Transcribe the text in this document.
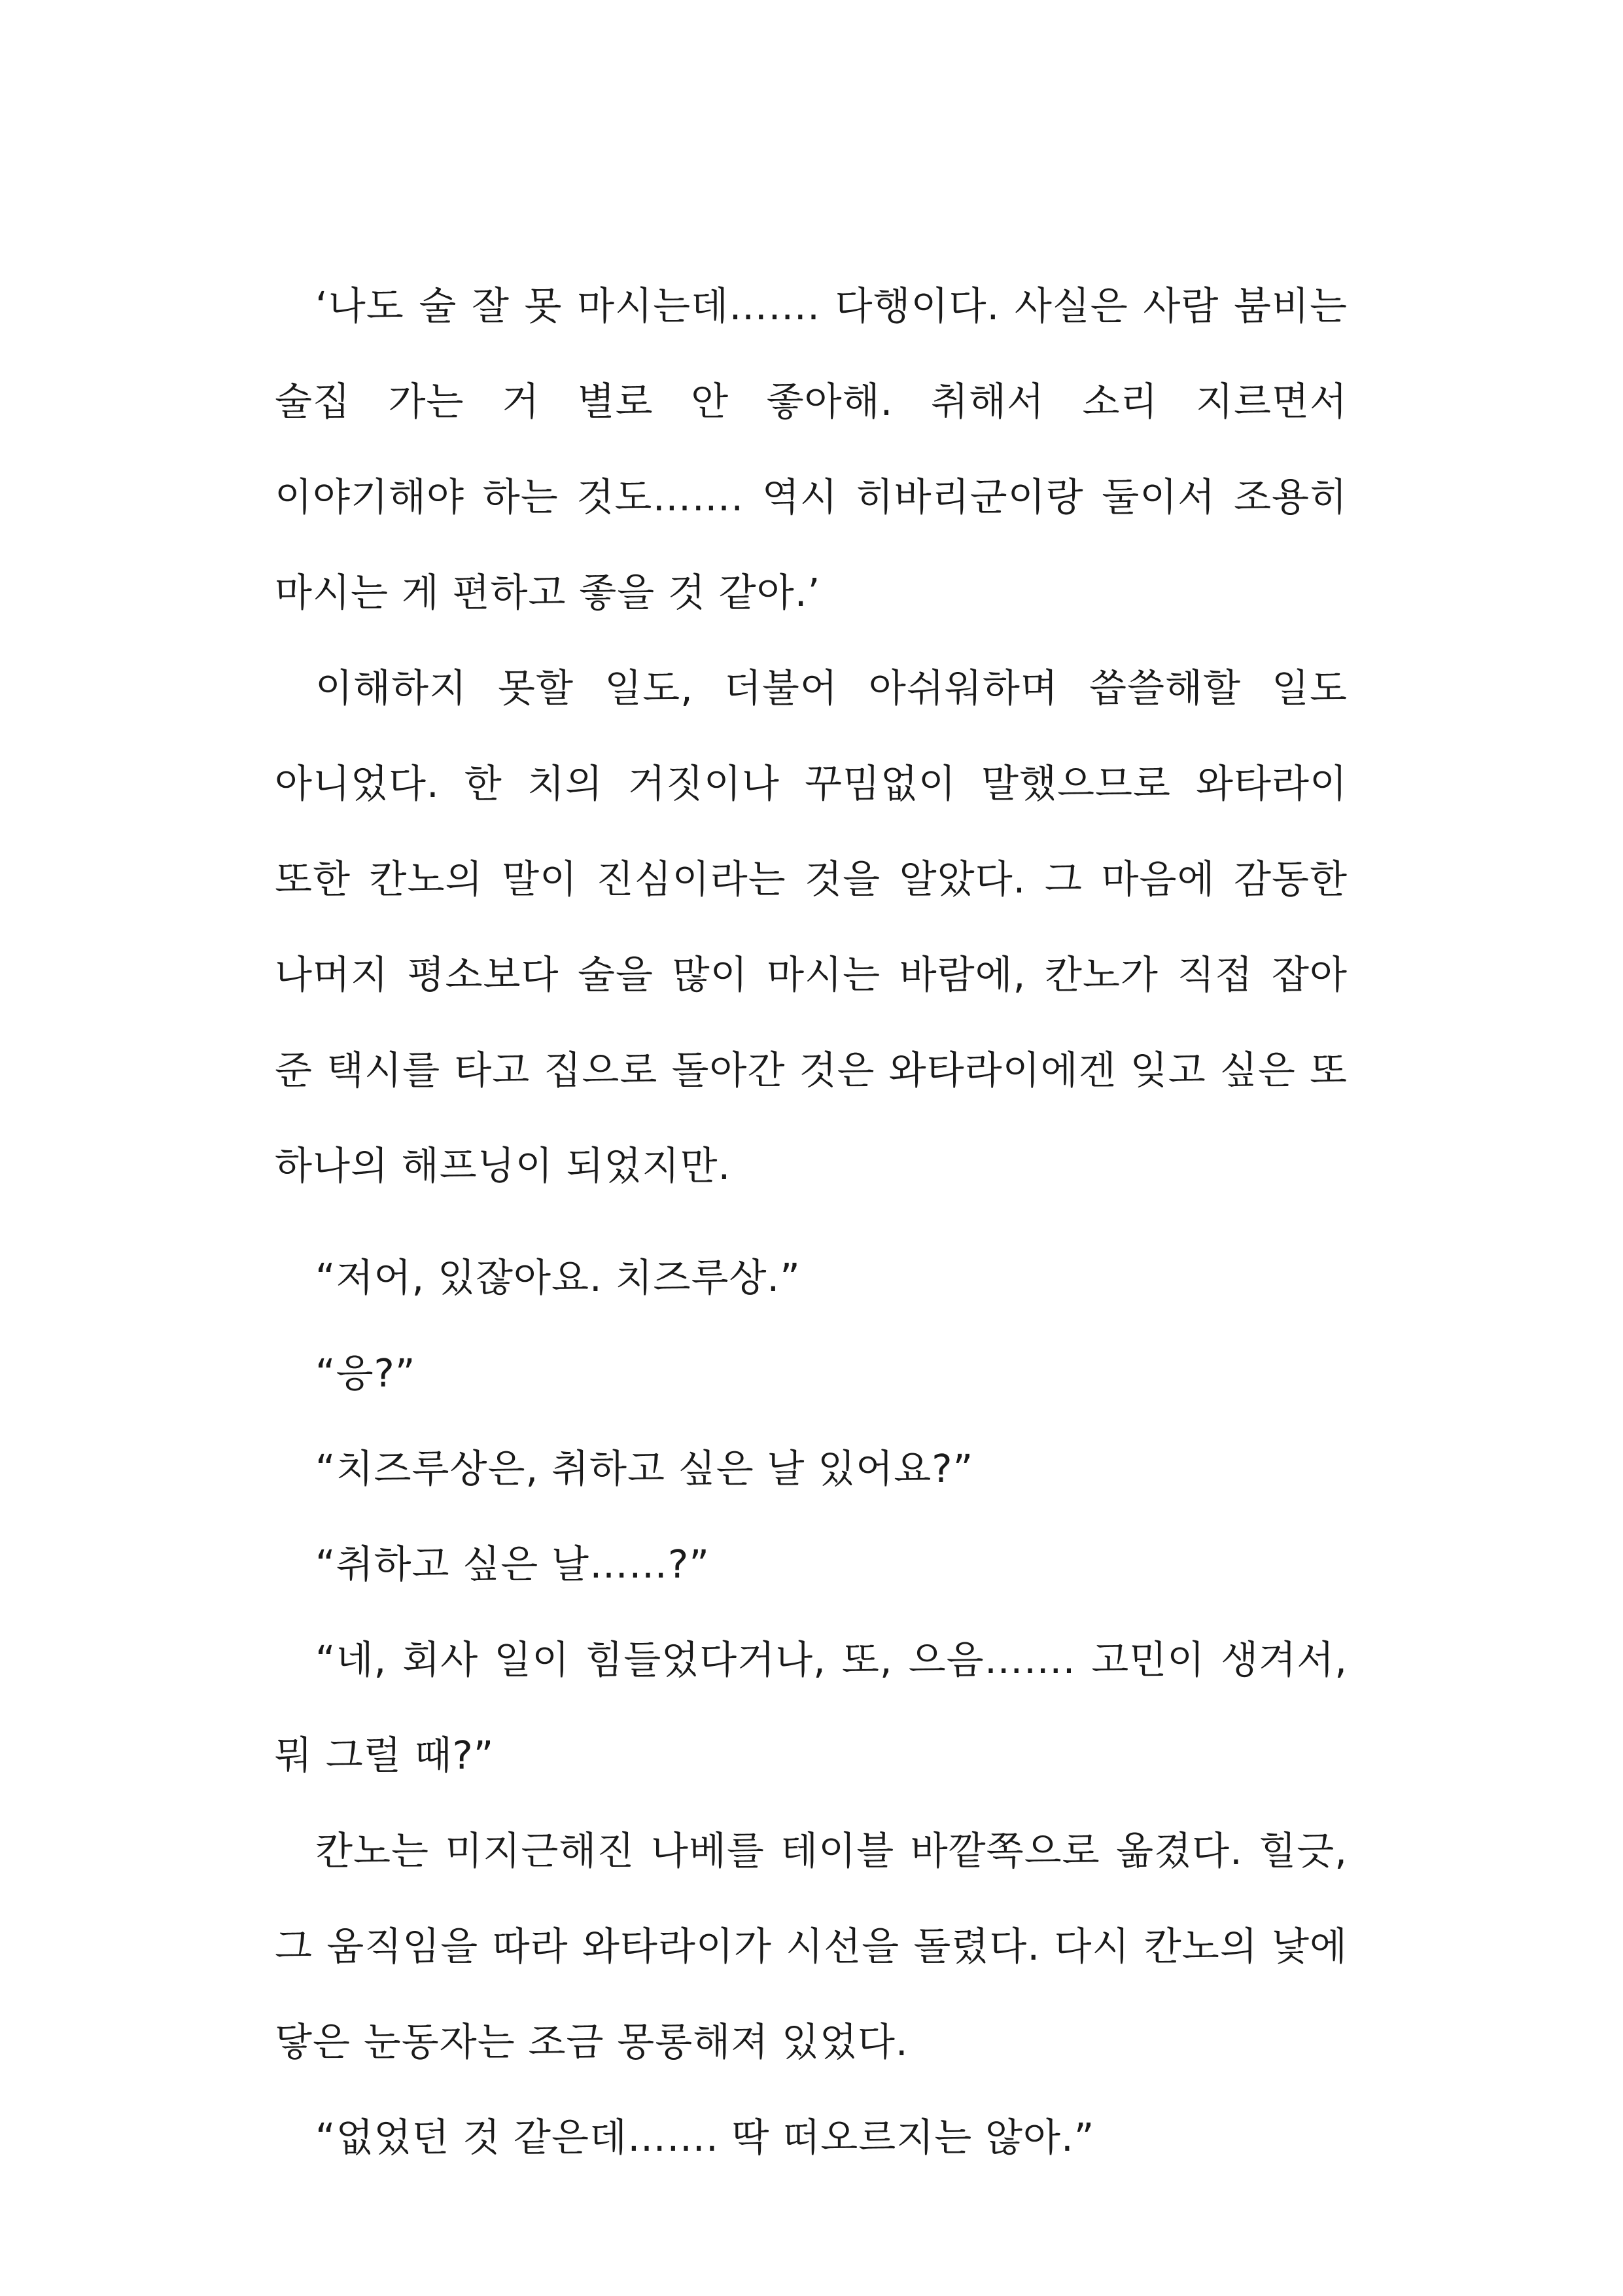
‘나도 술 잘 못 마시는데……. 다행이다. 사실은 사람 붐비는 술집 가는 거 별로 안 좋아해. 취해서 소리 지르면서 이야기해야 하는 것도……. 역시 히바리군이랑 둘이서 조용히 마시는 게 편하고 좋을 것 같아.’

이해하지 못할 일도, 더불어 아쉬워하며 씁쓸해할 일도 아니었다. 한 치의 거짓이나 꾸밈없이 말했으므로 와타라이 또한 칸노의 말이 진심이라는 것을 알았다. 그 마음에 감동한 나머지 평소보다 술을 많이 마시는 바람에, 칸노가 직접 잡아 준 택시를 타고 집으로 돌아간 것은 와타라이에겐 잊고 싶은 또 하나의 해프닝이 되었지만.

“저어, 있잖아요. 치즈루상.”

“응?”

“치즈루상은, 취하고 싶은 날 있어요?”

“취하고 싶은 날……?”

“네, 회사 일이 힘들었다거나, 또, 으음……. 고민이 생겨서, 뭐 그럴 때?”

칸노는 미지근해진 나베를 테이블 바깥쪽으로 옮겼다. 힐긋, 그 움직임을 따라 와타라이가 시선을 돌렸다. 다시 칸노의 낯에 닿은 눈동자는 조금 몽롱해져 있었다.

“없었던 것 같은데……. 딱 떠오르지는 않아.”
